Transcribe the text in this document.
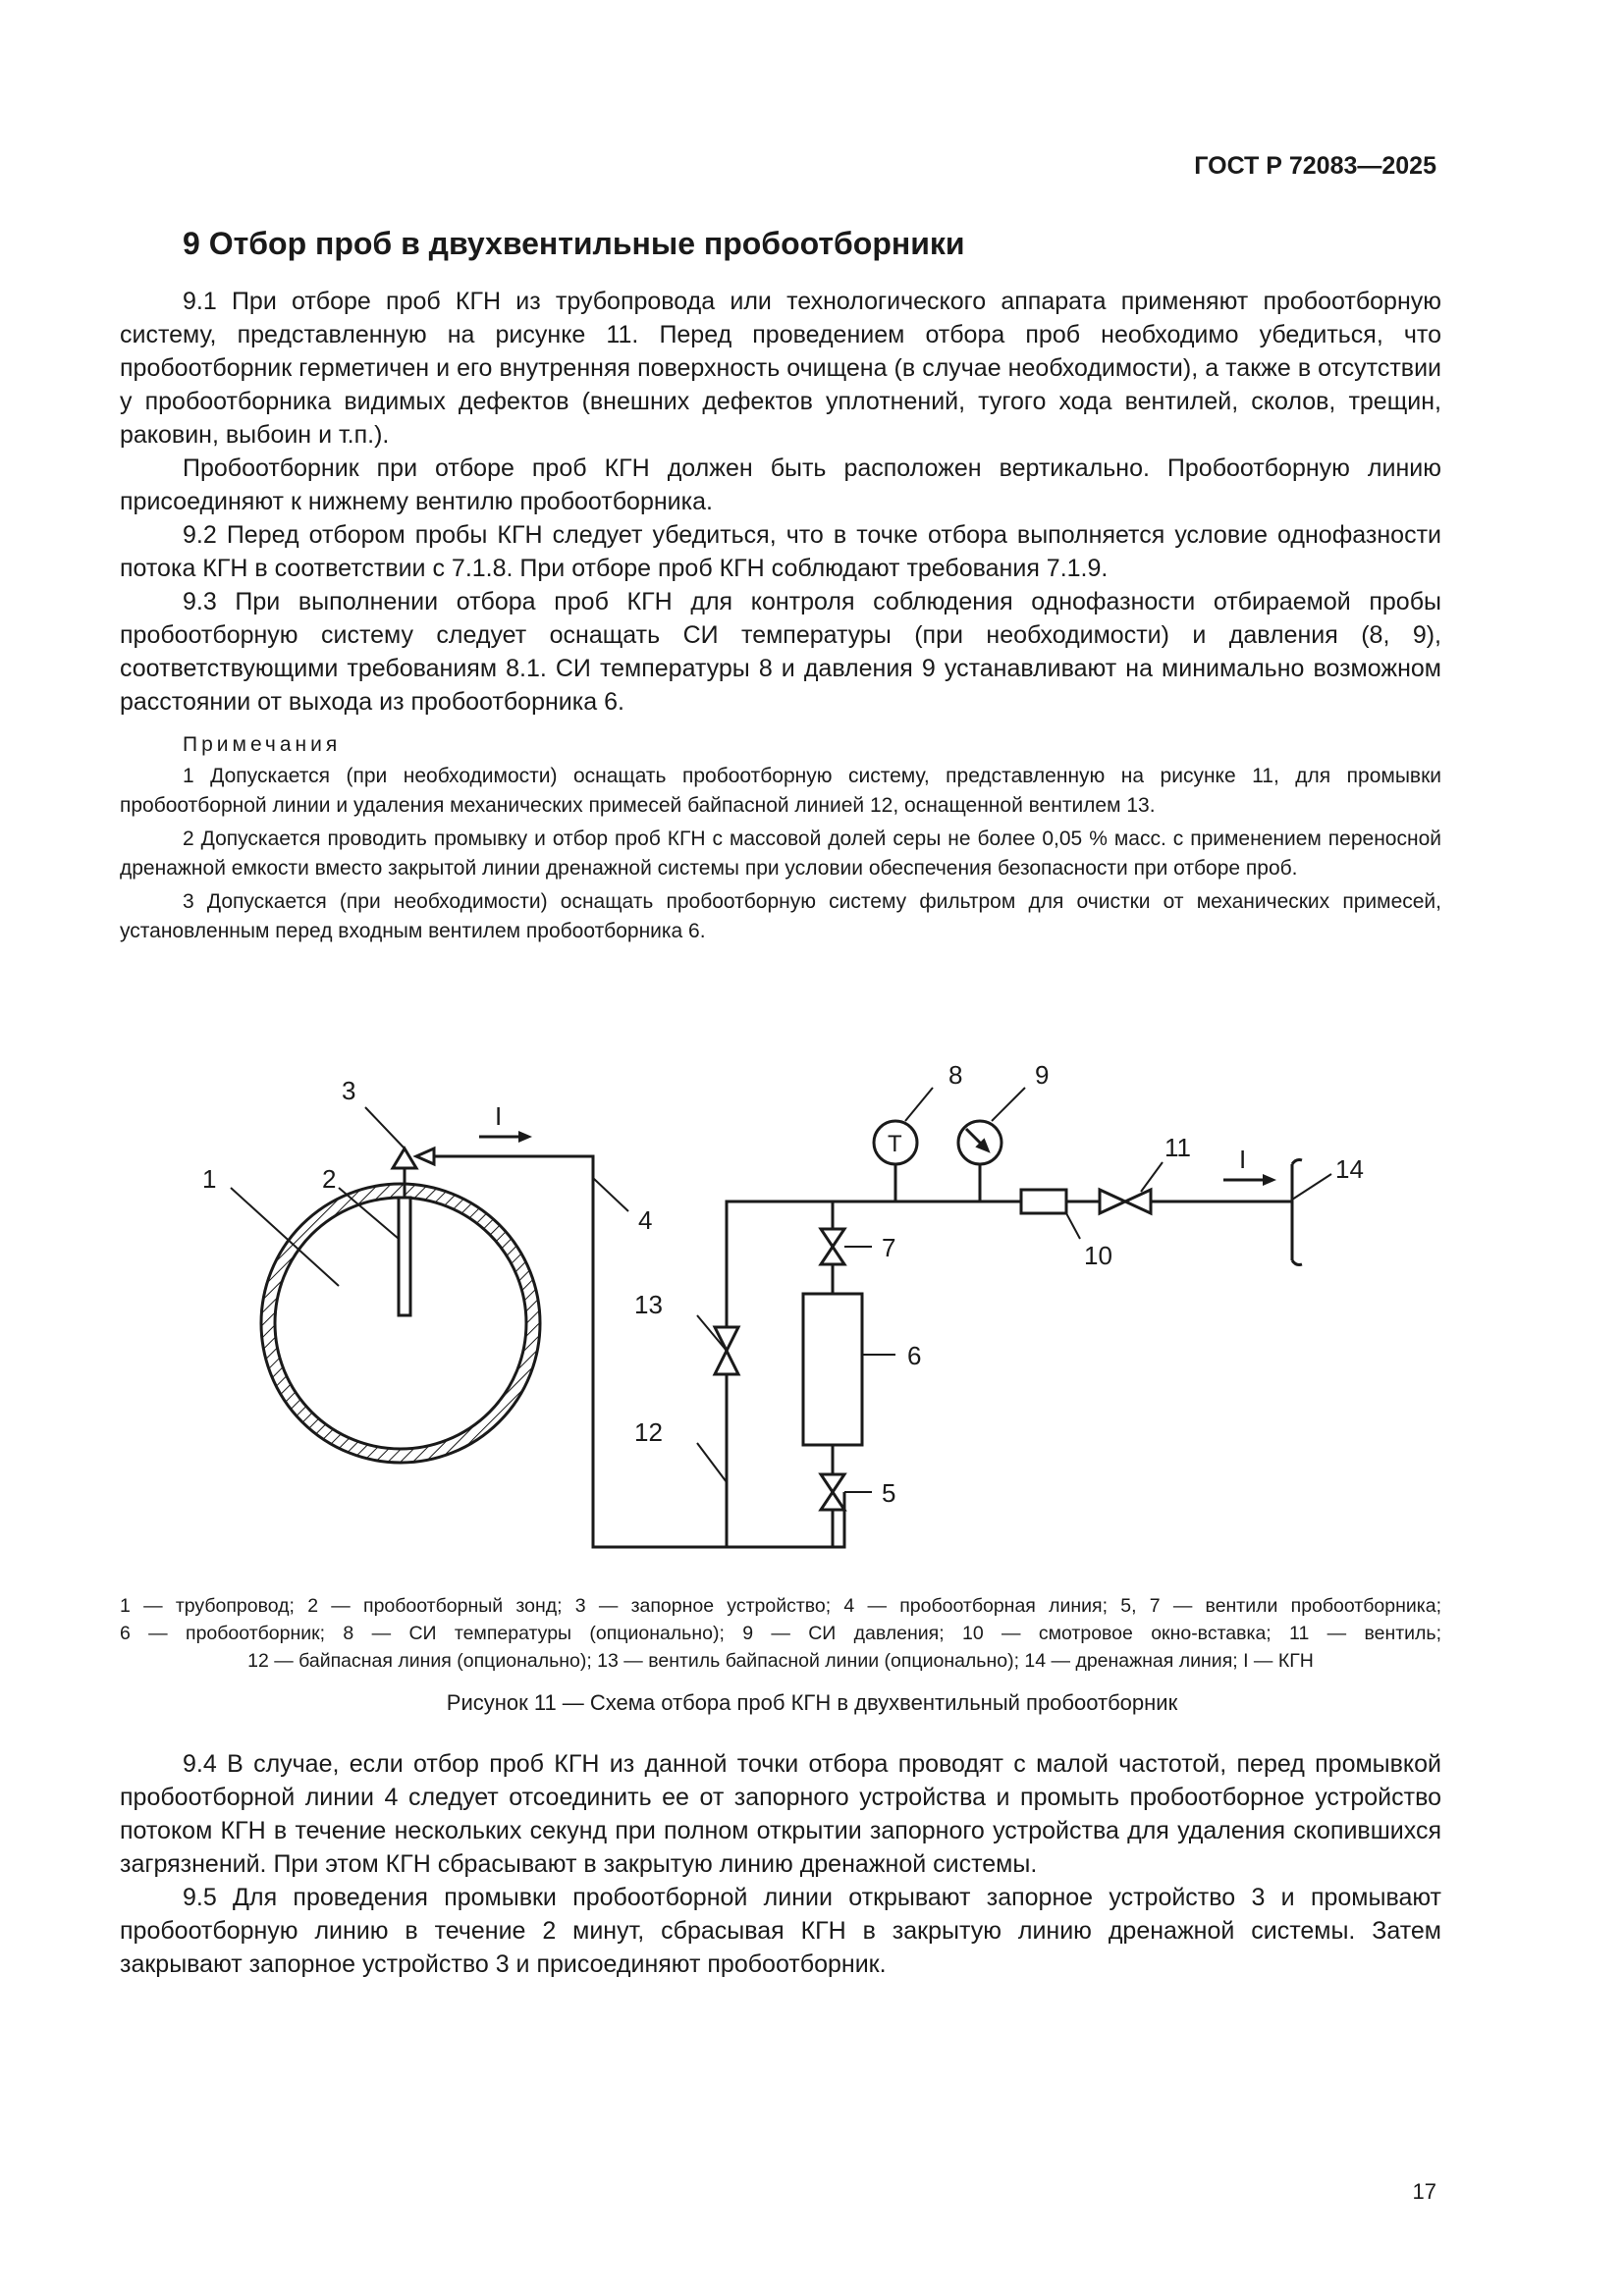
ГОСТ Р 72083—2025
9 Отбор проб в двухвентильные пробоотборники

9.1 При отборе проб КГН из трубопровода или технологического аппарата применяют пробоотборную систему, представленную на рисунке 11. Перед проведением отбора проб необходимо убедиться, что пробоотборник герметичен и его внутренняя поверхность очищена (в случае необходимости), а также в отсутствии у пробоотборника видимых дефектов (внешних дефектов уплотнений, тугого хода вентилей, сколов, трещин, раковин, выбоин и т.п.).

Пробоотборник при отборе проб КГН должен быть расположен вертикально. Пробоотборную линию присоединяют к нижнему вентилю пробоотборника.

9.2 Перед отбором пробы КГН следует убедиться, что в точке отбора выполняется условие однофазности потока КГН в соответствии с 7.1.8. При отборе проб КГН соблюдают требования 7.1.9.

9.3 При выполнении отбора проб КГН для контроля соблюдения однофазности отбираемой пробы пробоотборную систему следует оснащать СИ температуры (при необходимости) и давления (8, 9), соответствующими требованиям 8.1. СИ температуры 8 и давления 9 устанавливают на минимально возможном расстоянии от выхода из пробоотборника 6.

Примечания

1 Допускается (при необходимости) оснащать пробоотборную систему, представленную на рисунке 11, для промывки пробоотборной линии и удаления механических примесей байпасной линией 12, оснащенной вентилем 13.

2 Допускается проводить промывку и отбор проб КГН с массовой долей серы не более 0,05 % масс. с применением переносной дренажной емкости вместо закрытой линии дренажной системы при условии обеспечения безопасности при отборе проб.

3 Допускается (при необходимости) оснащать пробоотборную систему фильтром для очистки от механических примесей, установленным перед входным вентилем пробоотборника 6.

1	2
3
4
5
6
7
8	9
10
11
12
13
14
I
I
T

1 — трубопровод; 2 — пробоотборный зонд; 3 — запорное устройство; 4 — пробоотборная линия; 5, 7 — вентили пробоотборника;

6 — пробоотборник; 8 — СИ температуры (опционально); 9 — СИ давления; 10 — смотровое окно-вставка; 11 — вентиль;

12 — байпасная линия (опционально); 13 — вентиль байпасной линии (опционально); 14 — дренажная линия; I — КГН

Рисунок 11 — Схема отбора проб КГН в двухвентильный пробоотборник

9.4 В случае, если отбор проб КГН из данной точки отбора проводят с малой частотой, перед промывкой пробоотборной линии 4 следует отсоединить ее от запорного устройства и промыть пробоотборное устройство потоком КГН в течение нескольких секунд при полном открытии запорного устройства для удаления скопившихся загрязнений. При этом КГН сбрасывают в закрытую линию дренажной системы.

9.5 Для проведения промывки пробоотборной линии открывают запорное устройство 3 и промывают пробоотборную линию в течение 2 минут, сбрасывая КГН в закрытую линию дренажной системы. Затем закрывают запорное устройство 3 и присоединяют пробоотборник.

17
